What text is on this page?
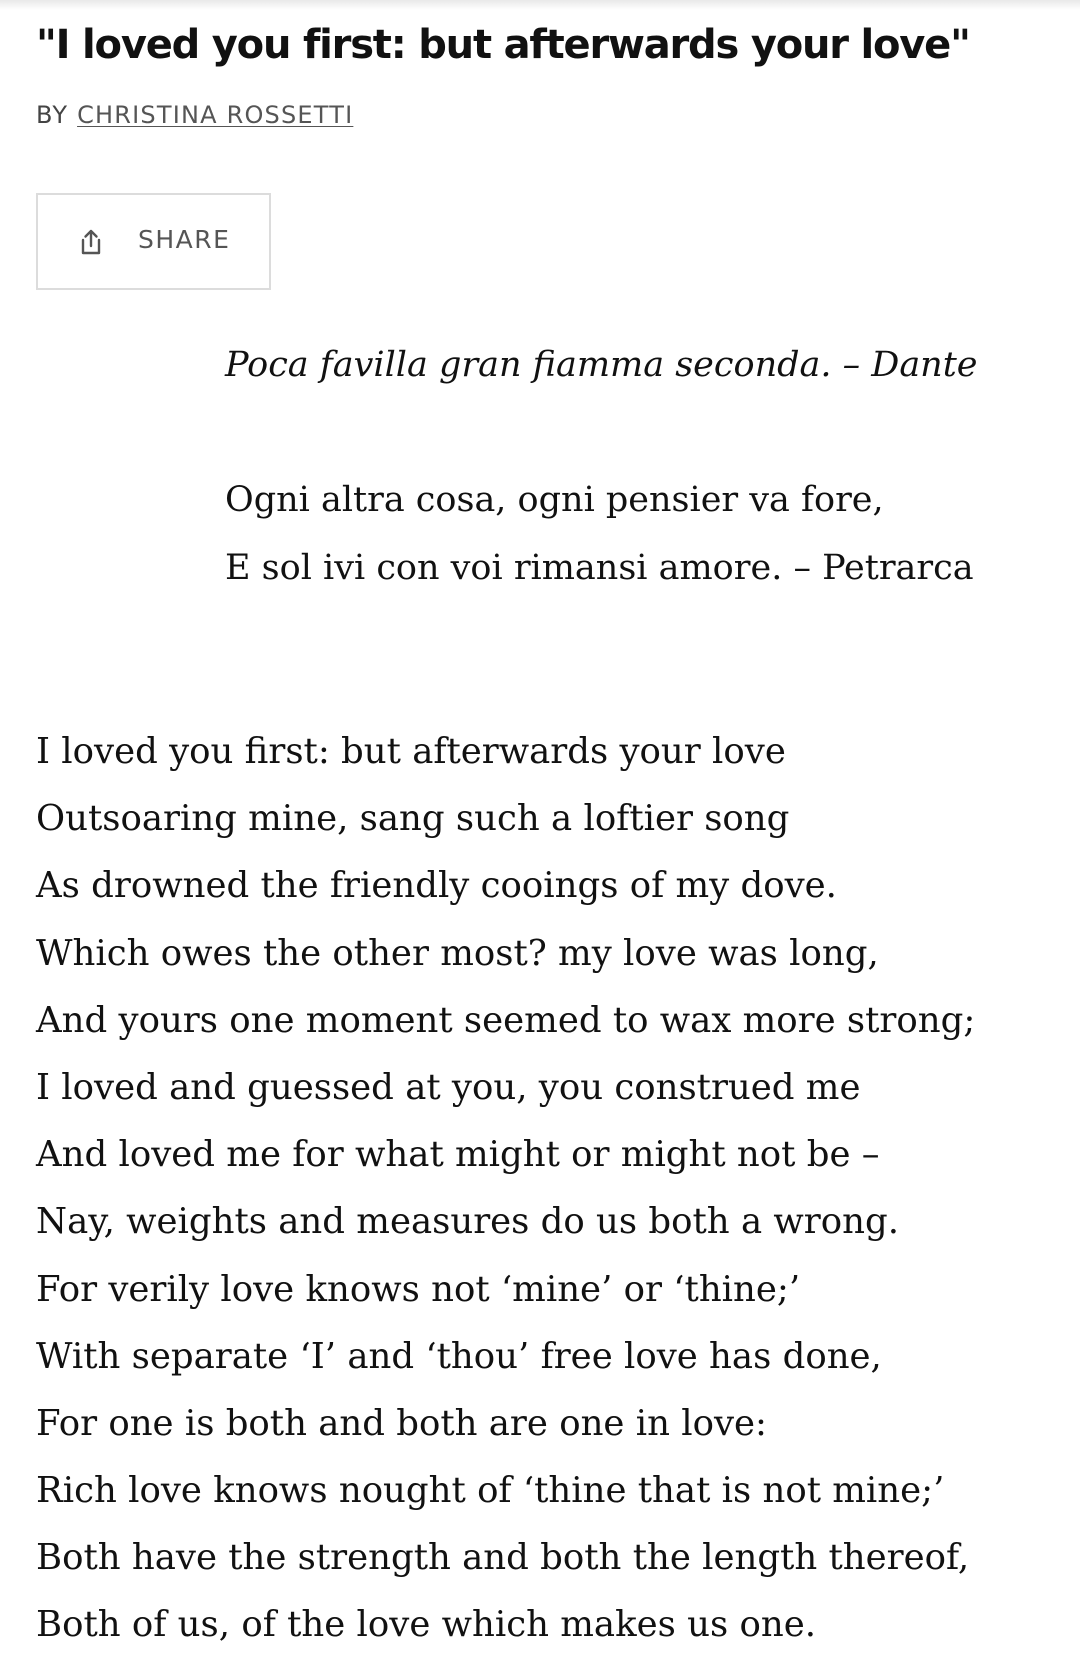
"I loved you first: but afterwards your love"
BY CHRISTINA ROSSETTI
SHARE

Poca favilla gran fiamma seconda. – Dante

Ogni altra cosa, ogni pensier va fore,

E sol ivi con voi rimansi amore. – Petrarca

I loved you first: but afterwards your love
Outsoaring mine, sang such a loftier song
As drowned the friendly cooings of my dove.
Which owes the other most? my love was long,
And yours one moment seemed to wax more strong;
I loved and guessed at you, you construed me
And loved me for what might or might not be –
Nay, weights and measures do us both a wrong.
For verily love knows not ‘mine’ or ‘thine;’
With separate ‘I’ and ‘thou’ free love has done,
For one is both and both are one in love:
Rich love knows nought of ‘thine that is not mine;’
Both have the strength and both the length thereof,
Both of us, of the love which makes us one.
